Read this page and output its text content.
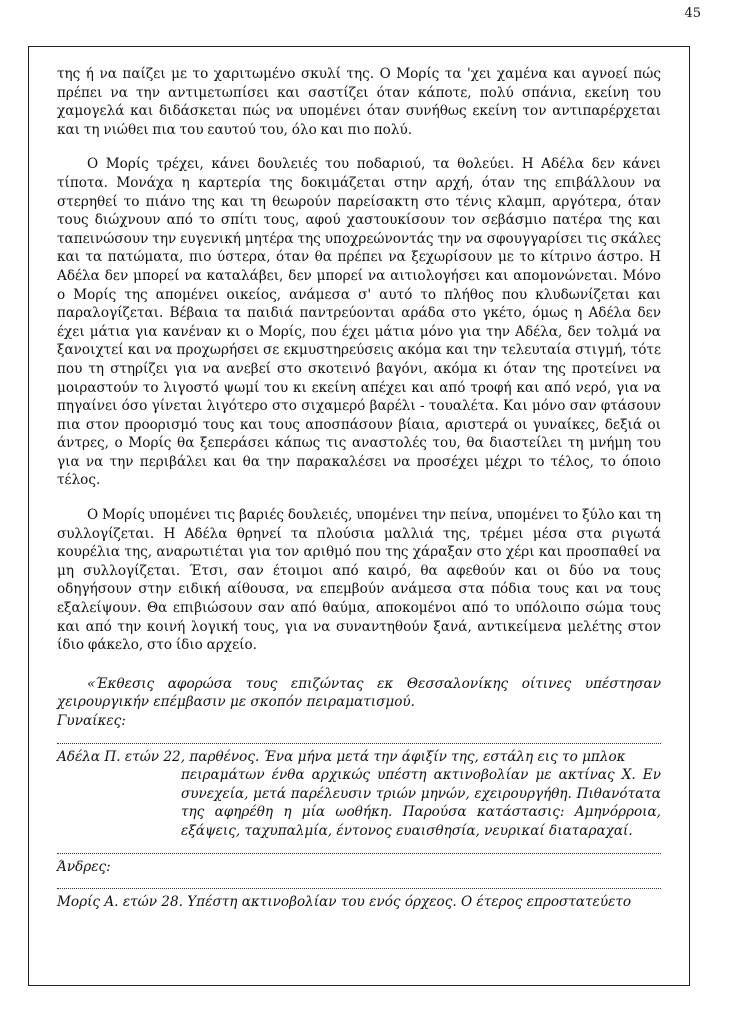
45

της ή να παίζει με το χαριτωμένο σκυλί της. Ο Μορίς τα 'χει χαμένα και αγνοεί πώς πρέπει να την αντιμετωπίσει και σαστίζει όταν κάποτε, πολύ σπάνια, εκείνη του χαμογελά και διδάσκεται πώς να υπομένει όταν συνήθως εκείνη τον αντιπαρέρχεται και τη νιώθει πια του εαυτού του, όλο και πιο πολύ.

Ο Μορίς τρέχει, κάνει δουλειές του ποδαριού, τα θολεύει. Η Αδέλα δεν κάνει τίποτα. Μονάχα η καρτερία της δοκιμάζεται στην αρχή, όταν της επιβάλλουν να στερηθεί το πιάνο της και τη θεωρούν παρείσακτη στο τένις κλαμπ, αργότερα, όταν τους διώχνουν από το σπίτι τους, αφού χαστουκίσουν τον σεβάσμιο πατέρα της και ταπεινώσουν την ευγενική μητέρα της υποχρεώνοντάς την να σφουγγαρίσει τις σκάλες και τα πατώματα, πιο ύστερα, όταν θα πρέπει να ξεχωρίσουν με το κίτρινο άστρο. Η Αδέλα δεν μπορεί να καταλάβει, δεν μπορεί να αιτιολογήσει και απομονώνεται. Μόνο ο Μορίς της απομένει οικείος, ανάμεσα σ' αυτό το πλήθος που κλυδωνίζεται και παραλογίζεται. Βέβαια τα παιδιά παντρεύονται αράδα στο γκέτο, όμως η Αδέλα δεν έχει μάτια για κανέναν κι ο Μορίς, που έχει μάτια μόνο για την Αδέλα, δεν τολμά να ξανοιχτεί και να προχωρήσει σε εκμυστηρεύσεις ακόμα και την τελευταία στιγμή, τότε που τη στηρίζει για να ανεβεί στο σκοτεινό βαγόνι, ακόμα κι όταν της προτείνει να μοιραστούν το λιγοστό ψωμί του κι εκείνη απέχει και από τροφή και από νερό, για να πηγαίνει όσο γίνεται λιγότερο στο σιχαμερό βαρέλι - τουαλέτα. Και μόνο σαν φτάσουν πια στον προορισμό τους και τους αποσπάσουν βίαια, αριστερά οι γυναίκες, δεξιά οι άντρες, ο Μορίς θα ξεπεράσει κάπως τις αναστολές του, θα διαστείλει τη μνήμη του για να την περιβάλει και θα την παρακαλέσει να προσέχει μέχρι το τέλος, το όποιο τέλος.

Ο Μορίς υπομένει τις βαριές δουλειές, υπομένει την πείνα, υπομένει το ξύλο και τη συλλογίζεται. Η Αδέλα θρηνεί τα πλούσια μαλλιά της, τρέμει μέσα στα ριγωτά κουρέλια της, αναρωτιέται για τον αριθμό που της χάραξαν στο χέρι και προσπαθεί να μη συλλογίζεται. Έτσι, σαν έτοιμοι από καιρό, θα αφεθούν και οι δύο να τους οδηγήσουν στην ειδική αίθουσα, να επεμβούν ανάμεσα στα πόδια τους και να τους εξαλείψουν. Θα επιβιώσουν σαν από θαύμα, αποκομένοι από το υπόλοιπο σώμα τους και από την κοινή λογική τους, για να συναντηθούν ξανά, αντικείμενα μελέτης στον ίδιο φάκελο, στο ίδιο αρχείο.

«Έκθεσις αφορώσα τους επιζώντας εκ Θεσσαλονίκης οίτινες υπέστησαν χειρουργικήν επέμβασιν με σκοπόν πειραματισμού.

Γυναίκες:

Αδέλα Π. ετών 22, παρθένος. Ένα μήνα μετά την άφιξίν της, εστάλη εις το μπλοκ

πειραμάτων ένθα αρχικώς υπέστη ακτινοβολίαν με ακτίνας Χ. Εν συνεχεία, μετά παρέλευσιν τριών μηνών, εχειρουργήθη. Πιθανότατα της αφηρέθη η μία ωοθήκη. Παρούσα κατάστασις: Αμηνόρροια, εξάψεις, ταχυπαλμία, έντονος ευαισθησία, νευρικαί διαταραχαί.

Άνδρες:

Μορίς Α. ετών 28. Υπέστη ακτινοβολίαν του ενός όρχεος. Ο έτερος επροστατεύετο
